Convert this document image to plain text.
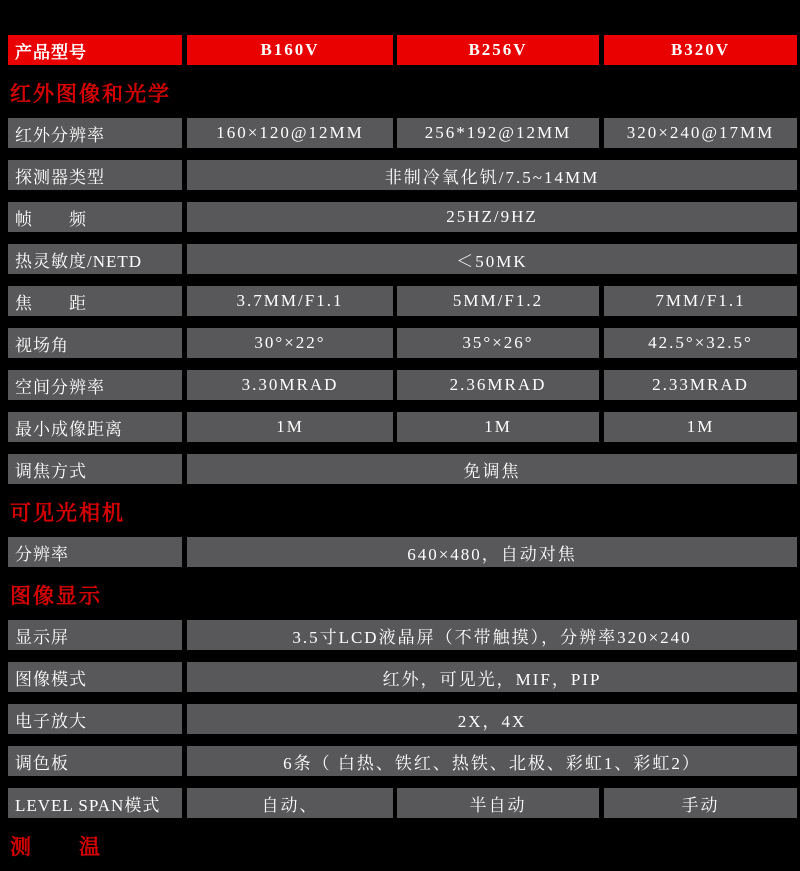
产品型号	B160V	B256V	B320V
红外图像和光学
红外分辨率	160×120@12MM	256*192@12MM	320×240@17MM
探测器类型	非制冷氧化钒/7.5~14MM
帧　　频	25HZ/9HZ
热灵敏度/NETD	＜50MK
焦　　距	3.7MM/F1.1	5MM/F1.2	7MM/F1.1
视场角	30°×22°	35°×26°	42.5°×32.5°
空间分辨率	3.30MRAD	2.36MRAD	2.33MRAD
最小成像距离	1M	1M	1M
调焦方式	免调焦
可见光相机
分辨率	640×480，自动对焦
图像显示
显示屏	3.5寸LCD液晶屏（不带触摸），分辨率320×240
图像模式	红外，可见光，MIF，PIP
电子放大	2X，4X
调色板	6条（ 白热、铁红、热铁、北极、彩虹1、彩虹2）
LEVEL SPAN模式	自动、	半自动	手动
测　　温
